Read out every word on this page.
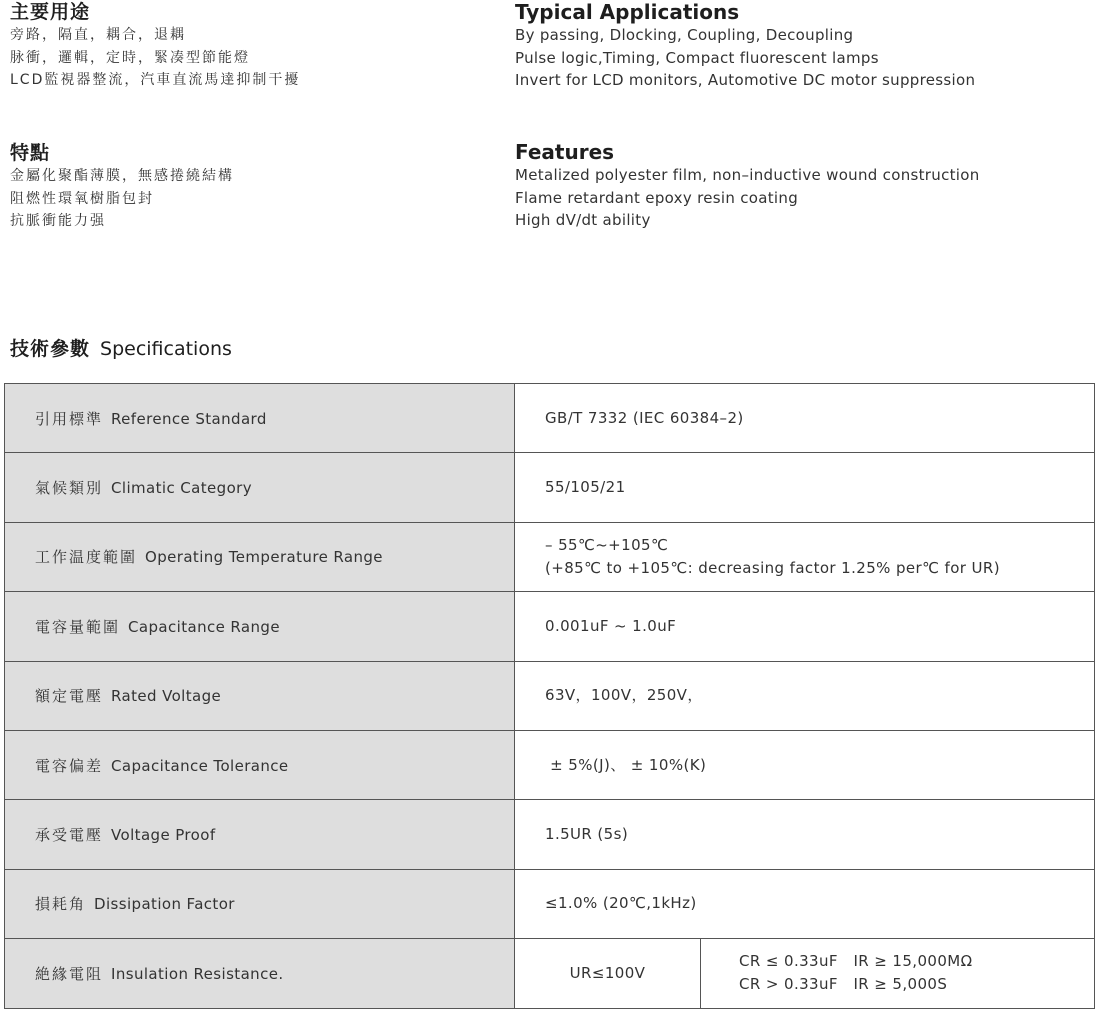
主要用途
旁路，隔直，耦合，退耦
脉衝，邏輯，定時，緊凑型節能燈
LCD監視器整流，汽車直流馬達抑制干擾
Typical Applications
By passing, Dlocking, Coupling, Decoupling
Pulse logic,Timing, Compact fluorescent lamps
Invert for LCD monitors, Automotive DC motor suppression
特點
金屬化聚酯薄膜，無感捲繞結構
阻燃性環氧樹脂包封
抗脈衝能力强
Features
Metalized polyester film, non–inductive wound construction
Flame retardant epoxy resin coating
High dV/dt ability
技術參數 Specifications
引用標準 Reference Standard	GB/T 7332 (IEC 60384–2)	

氣候類別 Climatic Category	55/105/21	

工作温度範圍 Operating Temperature Range	– 55℃~+105℃
(+85℃ to +105℃: decreasing factor 1.25% per℃ for UR)	

電容量範圍 Capacitance Range	0.001uF ~ 1.0uF	

額定電壓 Rated Voltage	63V，100V，250V，	

電容偏差 Capacitance Tolerance	± 5%(J)、 ± 10%(K)	

承受電壓 Voltage Proof	1.5UR (5s)	

損耗角 Dissipation Factor	≤1.0% (20℃,1kHz)	

絶緣電阻 Insulation Resistance.	UR≤100V	CR ≤ 0.33uF   IR ≥ 15,000MΩ
CR > 0.33uF   IR ≥ 5,000S
